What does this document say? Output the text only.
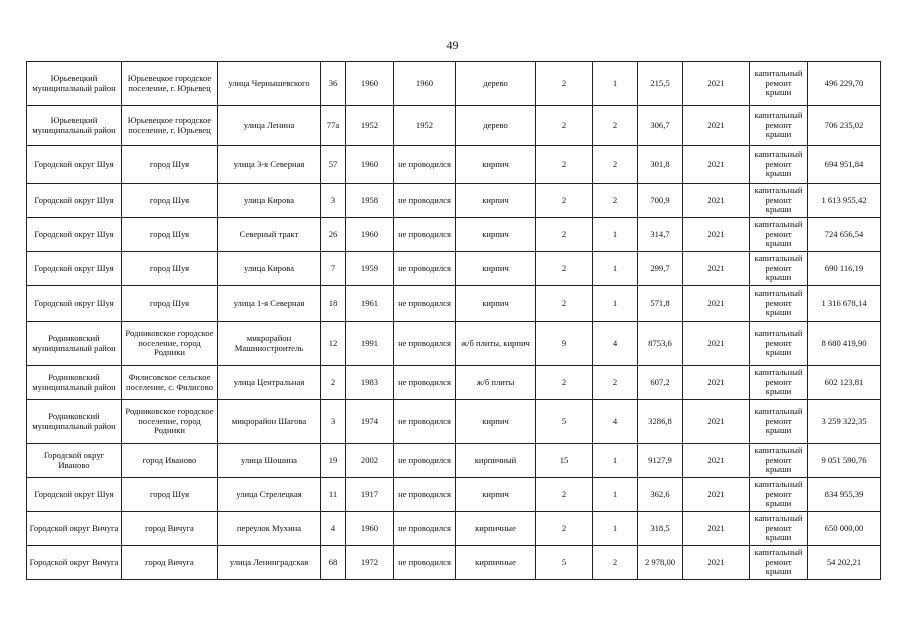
49
Юрьевецкий муниципальный район	Юрьевецкое городское поселение, г. Юрьевец	улица Чернышевского	36	1960	1960	дерево	2	1	215,5	2021	капитальный ремонт крыши	496 229,70
Юрьевецкий муниципальный район	Юрьевецкое городское поселение, г. Юрьевец	улица Ленина	77а	1952	1952	дерево	2	2	306,7	2021	капитальный ремонт крыши	706 235,02
Городской округ Шуя	город Шуя	улица 3-я Северная	57	1960	не проводился	кирпич	2	2	301,8	2021	капитальный ремонт крыши	694 951,84
Городской округ Шуя	город Шуя	улица Кирова	3	1958	не проводился	кирпич	2	2	700,9	2021	капитальный ремонт крыши	1 613 955,42
Городской округ Шуя	город Шуя	Северный тракт	26	1960	не проводился	кирпич	2	1	314,7	2021	капитальный ремонт крыши	724 656,54
Городской округ Шуя	город Шуя	улица Кирова	7	1959	не проводился	кирпич	2	1	299,7	2021	капитальный ремонт крыши	690 116,19
Городской округ Шуя	город Шуя	улица 1-я Северная	18	1961	не проводился	кирпич	2	1	571,8	2021	капитальный ремонт крыши	1 316 678,14
Родниковский муниципальный район	Родниковское городское поселение, город Родники	микрорайон Машиностроитель	12	1991	не проводился	ж/б плиты, кирпич	9	4	8753,6	2021	капитальный ремонт крыши	8 680 419,90
Родниковский муниципальный район	Филисовское сельское поселение, с. Филисово	улица Центральная	2	1983	не проводился	ж/б плиты	2	2	607,2	2021	капитальный ремонт крыши	602 123,81
Родниковский муниципальный район	Родниковское городское поселение, город Родники	микрорайон Шагова	3	1974	не проводился	кирпич	5	4	3286,8	2021	капитальный ремонт крыши	3 259 322,35
Городской округ Иваново	город Иваново	улица Шошина	19	2002	не проводился	кирпичный	15	1	9127,9	2021	капитальный ремонт крыши	9 051 590,76
Городской округ Шуя	город Шуя	улица Стрелецкая	11	1917	не проводился	кирпич	2	1	362,6	2021	капитальный ремонт крыши	834 955,39
Городской округ Вичуга	город Вичуга	переулок Мухина	4	1960	не проводился	кирпичные	2	1	318,5	2021	капитальный ремонт крыши	650 000,00
Городской округ Вичуга	город Вичуга	улица Ленинградская	68	1972	не проводился	кирпичные	5	2	2 978,00	2021	капитальный ремонт крыши	54 202,21
